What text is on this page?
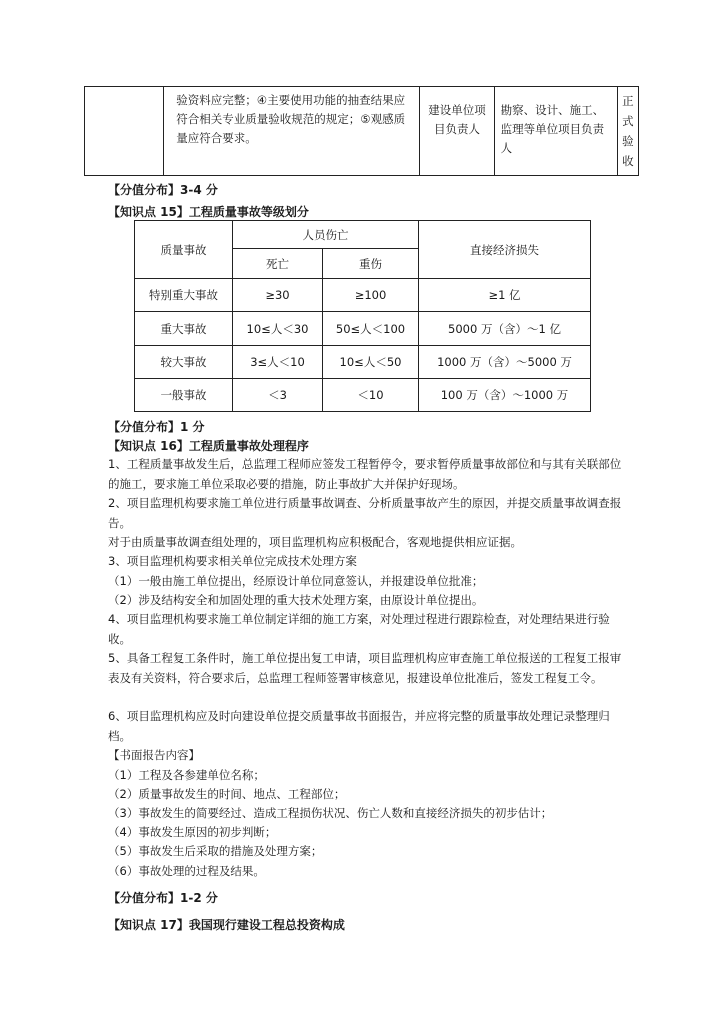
	验资料应完整；④主要使用功能的抽查结果应符合相关专业质量验收规范的规定；⑤观感质量应符合要求。	建设单位项目负责人	勘察、设计、施工、监理等单位项目负责人	正式验收
【分值分布】3-4 分
【知识点 15】工程质量事故等级划分
质量事故	人员伤亡		直接经济损失
	死亡	重伤	
特别重大事故	≥30	≥100	≥1 亿
重大事故	10≤人＜30	50≤人＜100	5000 万（含）～1 亿
较大事故	3≤人＜10	10≤人＜50	1000 万（含）～5000 万
一般事故	＜3	＜10	100 万（含）～1000 万
【分值分布】1 分
【知识点 16】工程质量事故处理程序

1、工程质量事故发生后，总监理工程师应签发工程暂停令，要求暂停质量事故部位和与其有关联部位的施工，要求施工单位采取必要的措施，防止事故扩大并保护好现场。

2、项目监理机构要求施工单位进行质量事故调查、分析质量事故产生的原因，并提交质量事故调查报告。

对于由质量事故调查组处理的，项目监理机构应积极配合，客观地提供相应证据。

3、项目监理机构要求相关单位完成技术处理方案

（1）一般由施工单位提出，经原设计单位同意签认，并报建设单位批准；

（2）涉及结构安全和加固处理的重大技术处理方案，由原设计单位提出。

4、项目监理机构要求施工单位制定详细的施工方案，对处理过程进行跟踪检查，对处理结果进行验收。

5、具备工程复工条件时，施工单位提出复工申请，项目监理机构应审查施工单位报送的工程复工报审表及有关资料，符合要求后，总监理工程师签署审核意见，报建设单位批准后，签发工程复工令。

6、项目监理机构应及时向建设单位提交质量事故书面报告，并应将完整的质量事故处理记录整理归档。

【书面报告内容】

（1）工程及各参建单位名称；

（2）质量事故发生的时间、地点、工程部位；

（3）事故发生的简要经过、造成工程损伤状况、伤亡人数和直接经济损失的初步估计；

（4）事故发生原因的初步判断；

（5）事故发生后采取的措施及处理方案；

（6）事故处理的过程及结果。

【分值分布】1-2 分
【知识点 17】我国现行建设工程总投资构成
